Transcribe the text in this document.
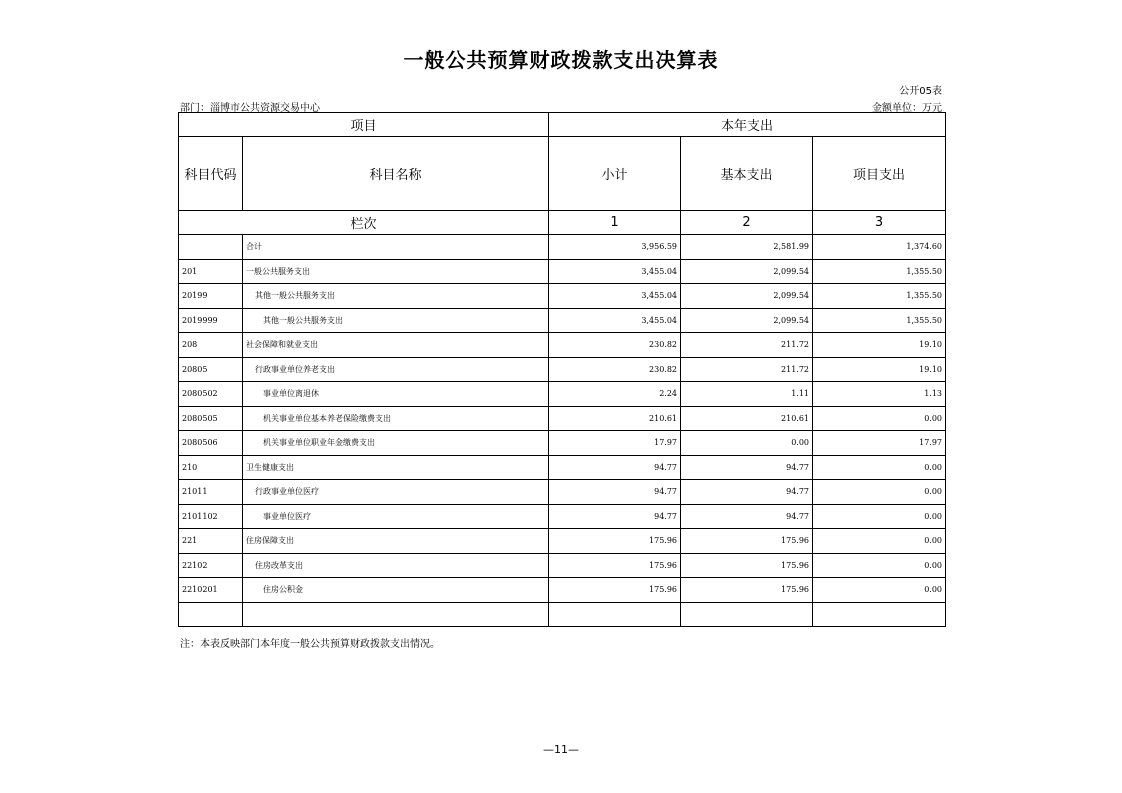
一般公共预算财政拨款支出决算表
公开05表
部门：淄博市公共资源交易中心	金额单位：万元
项目		本年支出		
科目代码	科目名称	小计	基本支出	项目支出
栏次		1	2	3
	合计	3,956.59	2,581.99	1,374.60
201	一般公共服务支出	3,455.04	2,099.54	1,355.50
20199	其他一般公共服务支出	3,455.04	2,099.54	1,355.50
2019999	其他一般公共服务支出	3,455.04	2,099.54	1,355.50
208	社会保障和就业支出	230.82	211.72	19.10
20805	行政事业单位养老支出	230.82	211.72	19.10
2080502	事业单位离退休	2.24	1.11	1.13
2080505	机关事业单位基本养老保险缴费支出	210.61	210.61	0.00
2080506	机关事业单位职业年金缴费支出	17.97	0.00	17.97
210	卫生健康支出	94.77	94.77	0.00
21011	行政事业单位医疗	94.77	94.77	0.00
2101102	事业单位医疗	94.77	94.77	0.00
221	住房保障支出	175.96	175.96	0.00
22102	住房改革支出	175.96	175.96	0.00
2210201	住房公积金	175.96	175.96	0.00

注：本表反映部门本年度一般公共预算财政拨款支出情况。
—11—
